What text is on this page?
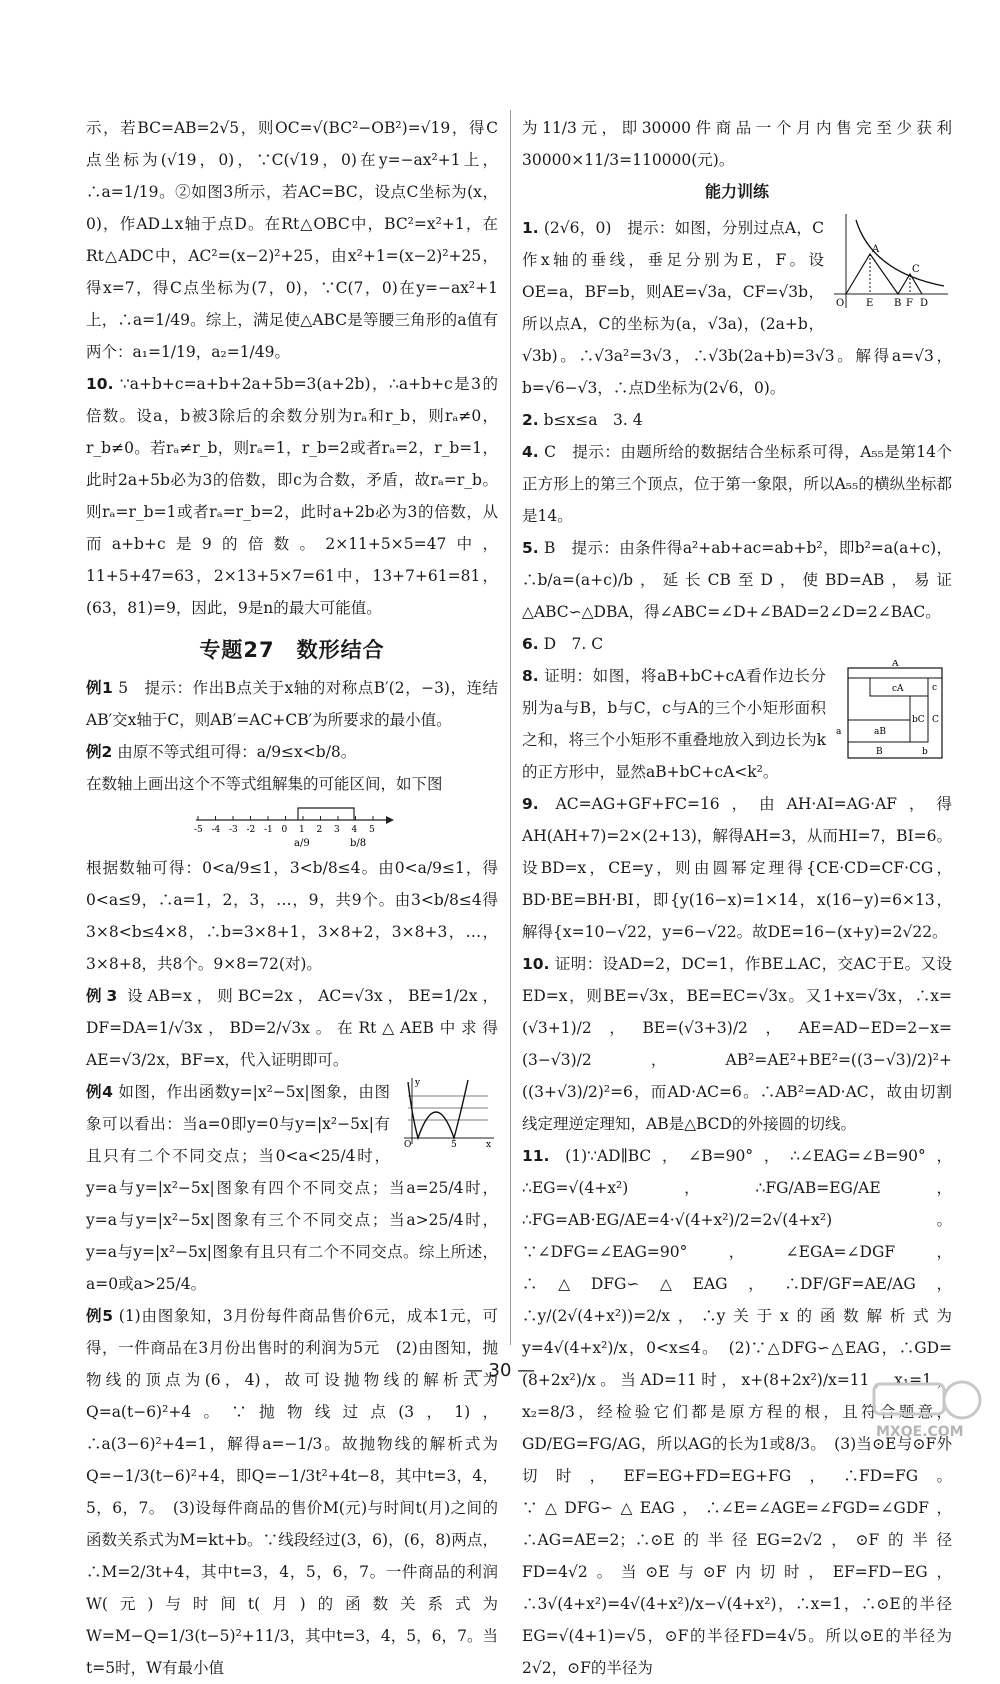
示，若BC=AB=2√5，则OC=√(BC²−OB²)=√19，得C点坐标为(√19，0)，∵C(√19，0)在y=−ax²+1上，∴a=1/19。②如图3所示，若AC=BC，设点C坐标为(x，0)，作AD⊥x轴于点D。在Rt△OBC中，BC²=x²+1，在Rt△ADC中，AC²=(x−2)²+25，由x²+1=(x−2)²+25，得x=7，得C点坐标为(7，0)，∵C(7，0)在y=−ax²+1上，∴a=1/49。综上，满足使△ABC是等腰三角形的a值有两个：a₁=1/19，a₂=1/49。

10. ∵a+b+c=a+b+2a+5b=3(a+2b)，∴a+b+c是3的倍数。设a，b被3除后的余数分别为rₐ和r_b，则rₐ≠0，r_b≠0。若rₐ≠r_b，则rₐ=1，r_b=2或者rₐ=2，r_b=1，此时2a+5b必为3的倍数，即c为合数，矛盾，故rₐ=r_b。则rₐ=r_b=1或者rₐ=r_b=2，此时a+2b必为3的倍数，从而a+b+c是9的倍数。2×11+5×5=47中，11+5+47=63，2×13+5×7=61中，13+7+61=81，(63，81)=9，因此，9是n的最大可能值。

专题27　数形结合

例1 5　提示：作出B点关于x轴的对称点B′(2，−3)，连结AB′交x轴于C，则AB′=AC+CB′为所要求的最小值。

例2 由原不等式组可得：a/9≤x<b/8。

在数轴上画出这个不等式组解集的可能区间，如下图

-5 -4 -3 -2 -1 0 1 2 3 4 5
a/9	b/8

根据数轴可得：0<a/9≤1，3<b/8≤4。由0<a/9≤1，得0<a≤9，∴a=1，2，3，…，9，共9个。由3<b/8≤4得3×8<b≤4×8，∴b=3×8+1，3×8+2，3×8+3，…，3×8+8，共8个。9×8=72(对)。

例3 设AB=x，则BC=2x，AC=√3x，BE=1/2x，DF=DA=1/√3x，BD=2/√3x。在Rt△AEB中求得AE=√3/2x，BF=x，代入证明即可。

y
O	5	x

例4 如图，作出函数y=|x²−5x|图象，由图象可以看出：当a=0即y=0与y=|x²−5x|有且只有二个不同交点；当0<a<25/4时，y=a与y=|x²−5x|图象有四个不同交点；当a=25/4时，y=a与y=|x²−5x|图象有三个不同交点；当a>25/4时，y=a与y=|x²−5x|图象有且只有二个不同交点。综上所述，a=0或a>25/4。

例5 (1)由图象知，3月份每件商品售价6元，成本1元，可得，一件商品在3月份出售时的利润为5元　(2)由图知，抛物线的顶点为(6，4)，故可设抛物线的解析式为Q=a(t−6)²+4。∵抛物线过点(3，1)，∴a(3−6)²+4=1，解得a=−1/3。故抛物线的解析式为Q=−1/3(t−6)²+4，即Q=−1/3t²+4t−8，其中t=3，4，5，6，7。　(3)设每件商品的售价M(元)与时间t(月)之间的函数关系式为M=kt+b。∵线段经过(3，6)，(6，8)两点，∴M=2/3t+4，其中t=3，4，5，6，7。一件商品的利润W(元)与时间t(月)的函数关系式为W=M−Q=1/3(t−5)²+11/3，其中t=3，4，5，6，7。当t=5时，W有最小值

为11/3元，即30000件商品一个月内售完至少获利30000×11/3=110000(元)。

能力训练
A
C
O E B F D

1. (2√6，0)　提示：如图，分别过点A，C作x轴的垂线，垂足分别为E，F。设OE=a，BF=b，则AE=√3a，CF=√3b，所以点A，C的坐标为(a，√3a)，(2a+b，√3b)。∴√3a²=3√3，∴√3b(2a+b)=3√3。解得a=√3，b=√6−√3，∴点D坐标为(2√6，0)。

2. b≤x≤a　3. 4

4. C　提示：由题所给的数据结合坐标系可得，A₅₅是第14个正方形上的第三个顶点，位于第一象限，所以A₅₅的横纵坐标都是14。

5. B　提示：由条件得a²+ab+ac=ab+b²，即b²=a(a+c)，∴b/a=(a+c)/b，延长CB至D，使BD=AB，易证△ABC∽△DBA，得∠ABC=∠D+∠BAD=2∠D=2∠BAC。

6. D　7. C

A
cA	c
a
bC C
aB
B	b

8. 证明：如图，将aB+bC+cA看作边长分别为a与B，b与C，c与A的三个小矩形面积之和，将三个小矩形不重叠地放入到边长为k的正方形中，显然aB+bC+cA<k²。

9. AC=AG+GF+FC=16，由AH·AI=AG·AF，得AH(AH+7)=2×(2+13)，解得AH=3，从而HI=7，BI=6。设BD=x，CE=y，则由圆幂定理得{CE·CD=CF·CG，BD·BE=BH·BI，即{y(16−x)=1×14，x(16−y)=6×13，解得{x=10−√22，y=6−√22。故DE=16−(x+y)=2√22。

10. 证明：设AD=2，DC=1，作BE⊥AC，交AC于E。又设ED=x，则BE=√3x，BE=EC=√3x。又1+x=√3x，∴x=(√3+1)/2，BE=(√3+3)/2，AE=AD−ED=2−x=(3−√3)/2，AB²=AE²+BE²=((3−√3)/2)²+((3+√3)/2)²=6，而AD·AC=6。∴AB²=AD·AC，故由切割线定理逆定理知，AB是△BCD的外接圆的切线。

11. (1)∵AD∥BC，∠B=90°，∴∠EAG=∠B=90°，∴EG=√(4+x²)，∴FG/AB=EG/AE，∴FG=AB·EG/AE=4·√(4+x²)/2=2√(4+x²)。∵∠DFG=∠EAG=90°，∠EGA=∠DGF，∴△DFG∽△EAG，∴DF/GF=AE/AG，∴y/(2√(4+x²))=2/x，∴y关于x的函数解析式为y=4√(4+x²)/x，0<x≤4。　(2)∵△DFG∽△EAG，∴GD=(8+2x²)/x。当AD=11时，x+(8+2x²)/x=11，x₁=1，x₂=8/3，经检验它们都是原方程的根，且符合题意，GD/EG=FG/AG，所以AG的长为1或8/3。　(3)当⊙E与⊙F外切时，EF=EG+FD=EG+FG，∴FD=FG。∵△DFG∽△EAG，∴∠E=∠AGE=∠FGD=∠GDF，∴AG=AE=2；∴⊙E的半径EG=2√2，⊙F的半径FD=4√2。当⊙E与⊙F内切时，EF=FD−EG，∴3√(4+x²)=4√(4+x²)/x−√(4+x²)，∴x=1，∴⊙E的半径EG=√(4+1)=√5，⊙F的半径FD=4√5。所以⊙E的半径为2√2，⊙F的半径为

— 30 —
MXQE.COM
